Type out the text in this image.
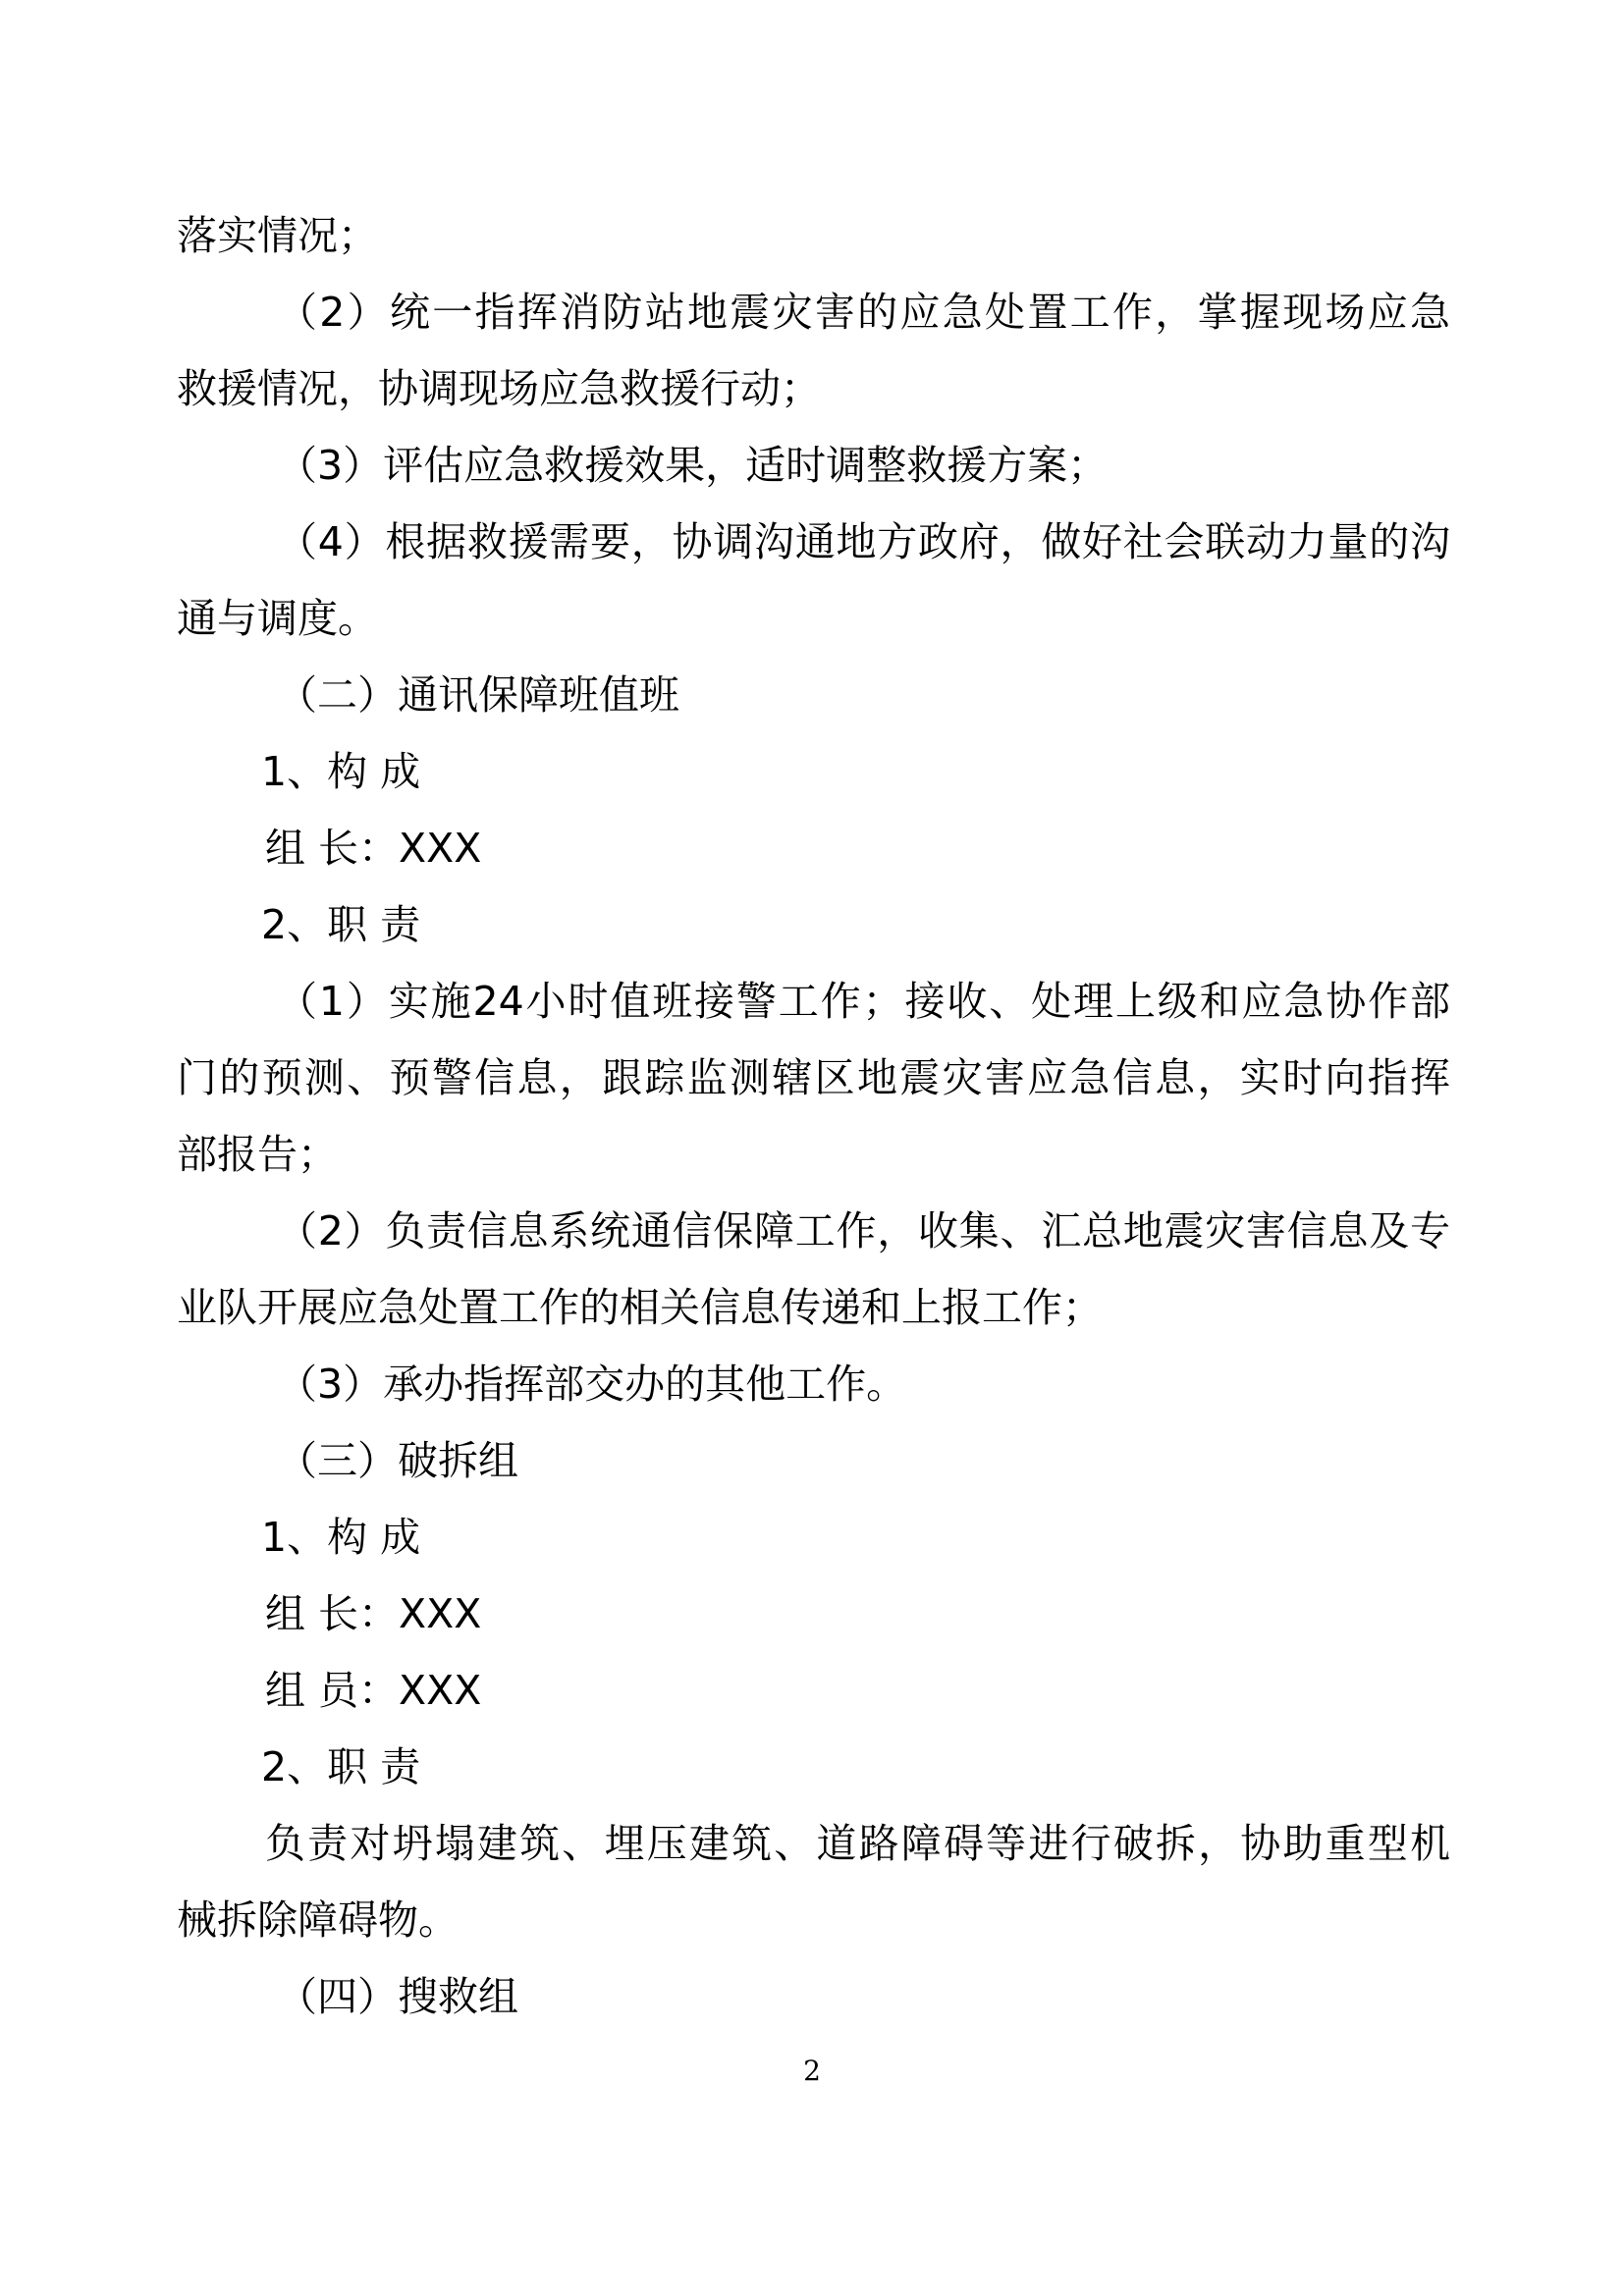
落实情况；
（2）统一指挥消防站地震灾害的应急处置工作，掌握现场应急
救援情况，协调现场应急救援行动；
（3）评估应急救援效果，适时调整救援方案；
（4）根据救援需要，协调沟通地方政府，做好社会联动力量的沟
通与调度。
（二）通讯保障班值班
1、构 成
组 长：XXX
2、职 责
（1）实施24小时值班接警工作；接收、处理上级和应急协作部
门的预测、预警信息，跟踪监测辖区地震灾害应急信息，实时向指挥
部报告；
（2）负责信息系统通信保障工作，收集、汇总地震灾害信息及专
业队开展应急处置工作的相关信息传递和上报工作；
（3）承办指挥部交办的其他工作。
（三）破拆组
1、构 成
组 长：XXX
组 员：XXX
2、职 责
负责对坍塌建筑、埋压建筑、道路障碍等进行破拆，协助重型机
械拆除障碍物。
（四）搜救组
2
